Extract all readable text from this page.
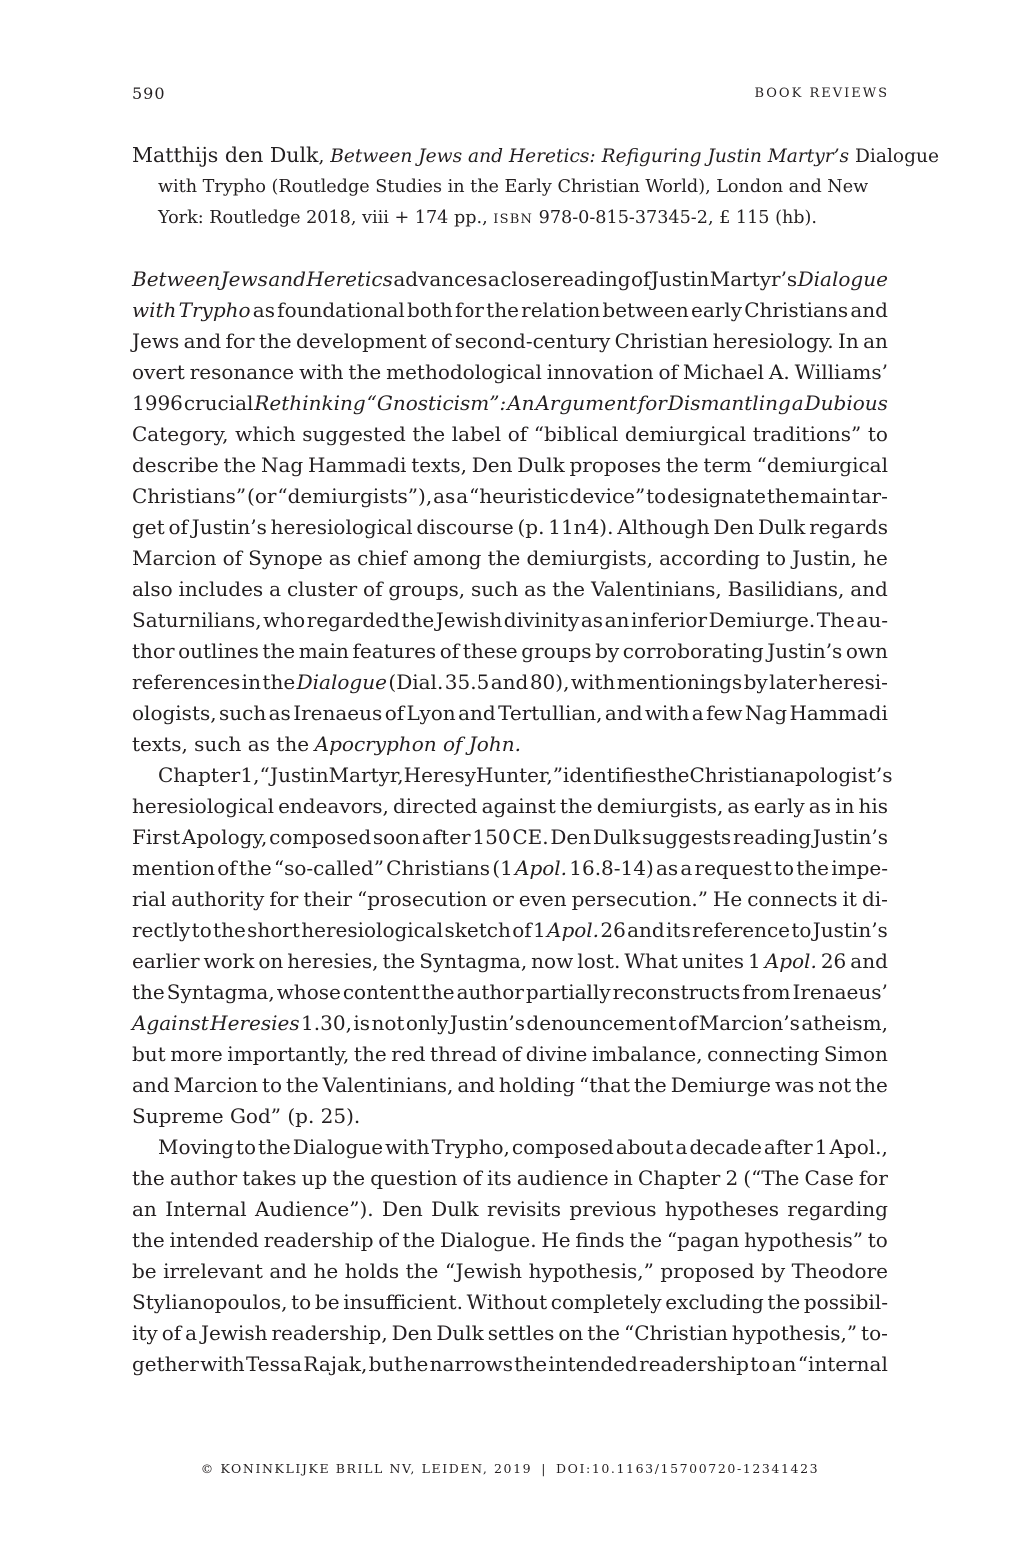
590	BOOK REVIEWS
Matthijs den Dulk, Between Jews and Heretics: Refiguring Justin Martyr’s Dialogue
with Trypho (Routledge Studies in the Early Christian World), London and New
York: Routledge 2018, viii + 174 pp., ISBN 978-0-815-37345-2, £ 115 (hb).
Between Jews and Heretics advances a close reading of Justin Martyr’s Dialogue
with Trypho as foundational both for the relation between early Christians and
Jews and for the development of second-century Christian heresiology. In an
overt resonance with the methodological innovation of Michael A. Williams’
1996 crucial Rethinking “Gnosticism”: An Argument for Dismantling a Dubious
Category, which suggested the label of “biblical demiurgical traditions” to
describe the Nag Hammadi texts, Den Dulk proposes the term “demiurgical
Christians” (or “demiurgists”), as a “heuristic device” to designate the main tar-
get of Justin’s heresiological discourse (p. 11n4). Although Den Dulk regards
Marcion of Synope as chief among the demiurgists, according to Justin, he
also includes a cluster of groups, such as the Valentinians, Basilidians, and
Saturnilians, who regarded the Jewish divinity as an inferior Demiurge. The au-
thor outlines the main features of these groups by corroborating Justin’s own
references in the Dialogue (Dial. 35.5 and 80), with mentionings by later heresi-
ologists, such as Irenaeus of Lyon and Tertullian, and with a few Nag Hammadi
texts, such as the Apocryphon of John.
Chapter 1, “Justin Martyr, Heresy Hunter,” identifies the Christian apologist’s
heresiological endeavors, directed against the demiurgists, as early as in his
First Apology, composed soon after 150 CE. Den Dulk suggests reading Justin’s
mention of the “so-called” Christians (1 Apol. 16.8-14) as a request to the impe-
rial authority for their “prosecution or even persecution.” He connects it di-
rectly to the short heresiological sketch of 1 Apol. 26 and its reference to Justin’s
earlier work on heresies, the Syntagma, now lost. What unites 1 Apol. 26 and
the Syntagma, whose content the author partially reconstructs from Irenaeus’
Against Heresies 1.30, is not only Justin’s denouncement of Marcion’s atheism,
but more importantly, the red thread of divine imbalance, connecting Simon
and Marcion to the Valentinians, and holding “that the Demiurge was not the
Supreme God” (p. 25).
Moving to the Dialogue with Trypho, composed about a decade after 1 Apol.,
the author takes up the question of its audience in Chapter 2 (“The Case for
an Internal Audience”). Den Dulk revisits previous hypotheses regarding
the intended readership of the Dialogue. He finds the “pagan hypothesis” to
be irrelevant and he holds the “Jewish hypothesis,” proposed by Theodore
Stylianopoulos, to be insufficient. Without completely excluding the possibil-
ity of a Jewish readership, Den Dulk settles on the “Christian hypothesis,” to-
gether with Tessa Rajak, but he narrows the intended readership to an “internal
© KONINKLIJKE BRILL NV, LEIDEN, 2019 | DOI:10.1163/15700720-12341423
